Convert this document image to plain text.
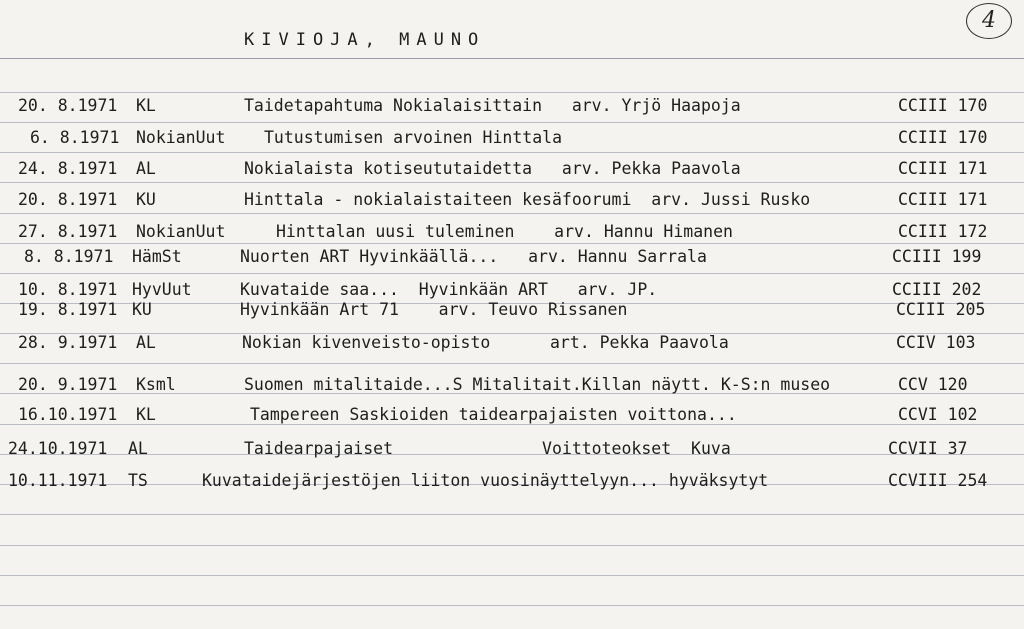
KIVIOJA, MAUNO
4
20. 8.1971 KL	Taidetapahtuma Nokialaisittain   arv. Yrjö Haapoja	CCIII 170
6. 8.1971 NokianUut Tutustumisen arvoinen Hinttala	CCIII 170
24. 8.1971 AL	Nokialaista kotiseututaidetta   arv. Pekka Paavola	CCIII 171
20. 8.1971 KU	Hinttala - nokialaistaiteen kesäfoorumi  arv. Jussi Rusko	CCIII 171
27. 8.1971 NokianUut	Hinttalan uusi tuleminen    arv. Hannu Himanen	CCIII 172
8. 8.1971 HämSt	Nuorten ART Hyvinkäällä...   arv. Hannu Sarrala	CCIII 199
10. 8.1971 HyvUut	Kuvataide saa...  Hyvinkään ART   arv. JP.	CCIII 202
19. 8.1971 KU	Hyvinkään Art 71    arv. Teuvo Rissanen	CCIII 205
28. 9.1971 AL	Nokian kivenveisto-opisto      art. Pekka Paavola	CCIV 103
20. 9.1971 Ksml	Suomen mitalitaide...S Mitalitait.Killan näytt. K-S:n museo	CCV 120
16.10.1971 KL	Tampereen Saskioiden taidearpajaisten voittona...	CCVI 102
24.10.1971 AL	Taidearpajaiset               Voittoteokset  Kuva	CCVII 37
10.11.1971 TS	Kuvataidejärjestöjen liiton vuosinäyttelyyn... hyväksytyt	CCVIII 254
